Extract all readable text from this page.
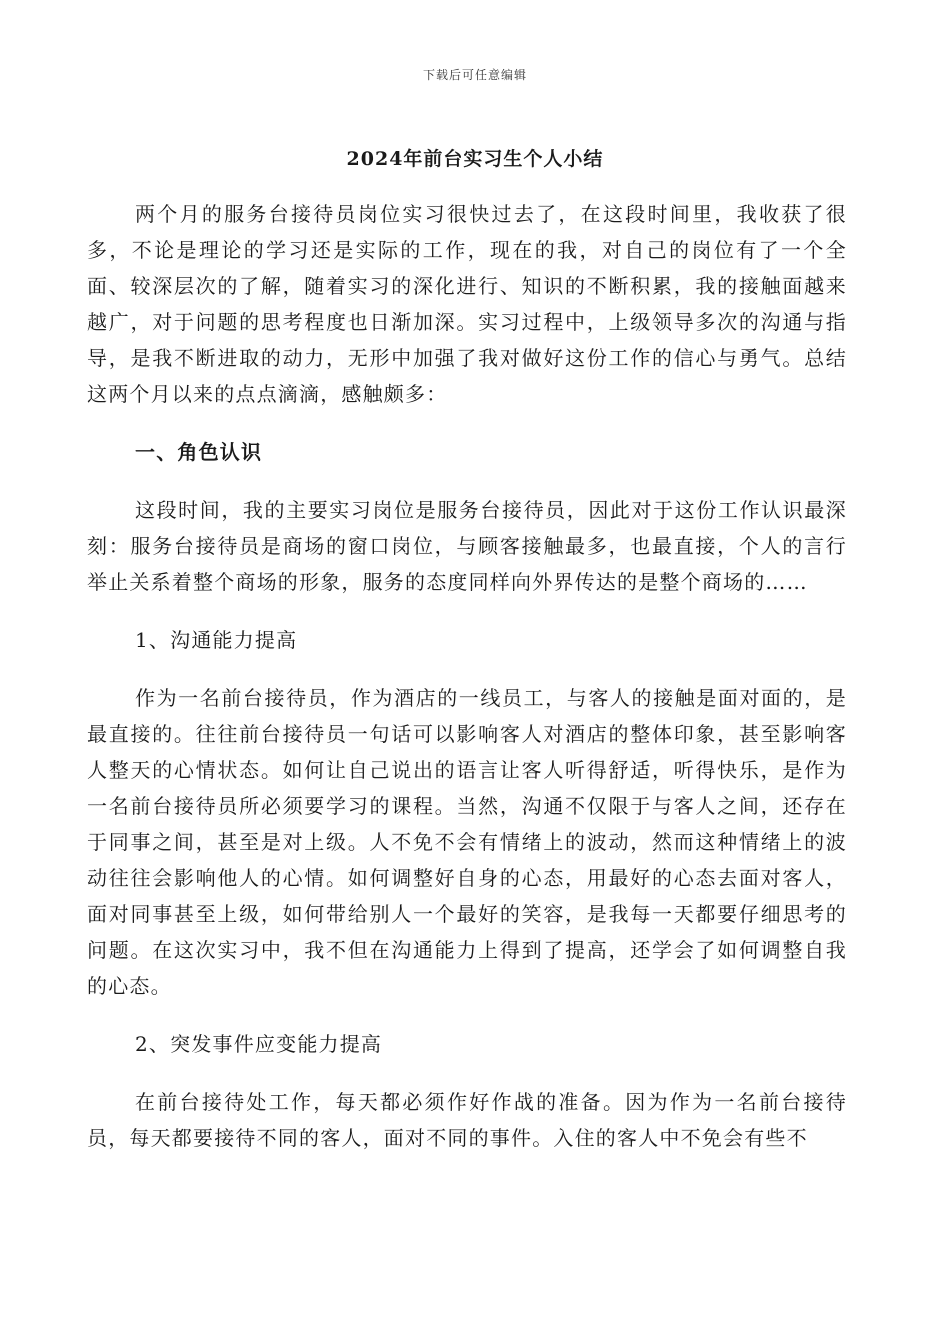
下载后可任意编辑
2024年前台实习生个人小结

两个月的服务台接待员岗位实习很快过去了，在这段时间里，我收获了很多，不论是理论的学习还是实际的工作，现在的我，对自己的岗位有了一个全面、较深层次的了解，随着实习的深化进行、知识的不断积累，我的接触面越来越广，对于问题的思考程度也日渐加深。实习过程中，上级领导多次的沟通与指导，是我不断进取的动力，无形中加强了我对做好这份工作的信心与勇气。总结这两个月以来的点点滴滴，感触颇多：

一、角色认识

这段时间，我的主要实习岗位是服务台接待员，因此对于这份工作认识最深刻：服务台接待员是商场的窗口岗位，与顾客接触最多，也最直接，个人的言行举止关系着整个商场的形象，服务的态度同样向外界传达的是整个商场的……

1、沟通能力提高

作为一名前台接待员，作为酒店的一线员工，与客人的接触是面对面的，是最直接的。往往前台接待员一句话可以影响客人对酒店的整体印象，甚至影响客人整天的心情状态。如何让自己说出的语言让客人听得舒适，听得快乐，是作为一名前台接待员所必须要学习的课程。当然，沟通不仅限于与客人之间，还存在于同事之间，甚至是对上级。人不免不会有情绪上的波动，然而这种情绪上的波动往往会影响他人的心情。如何调整好自身的心态，用最好的心态去面对客人，面对同事甚至上级，如何带给别人一个最好的笑容，是我每一天都要仔细思考的问题。在这次实习中，我不但在沟通能力上得到了提高，还学会了如何调整自我的心态。

2、突发事件应变能力提高

在前台接待处工作，每天都必须作好作战的准备。因为作为一名前台接待员，每天都要接待不同的客人，面对不同的事件。入住的客人中不免会有些不
